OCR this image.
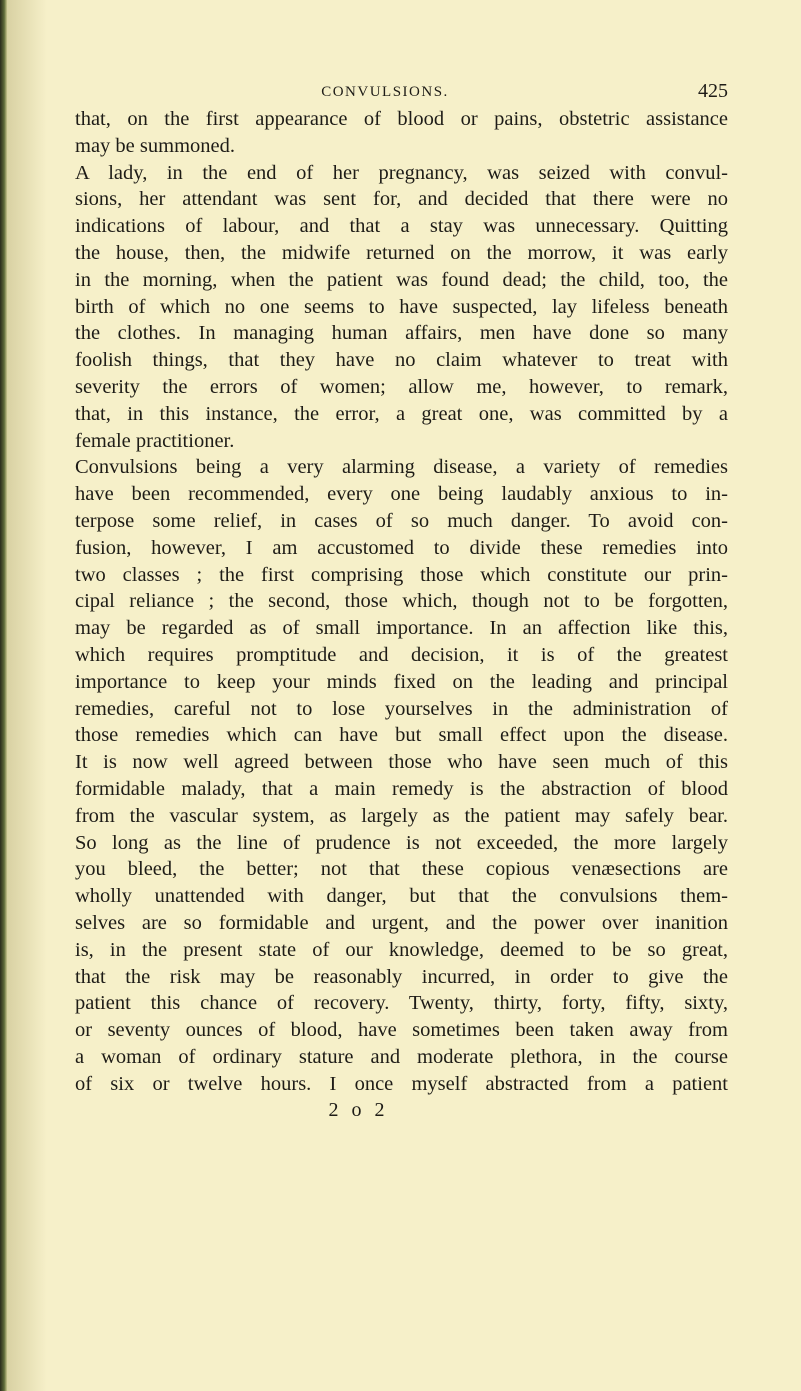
CONVULSIONS.	425
that, on the first appearance of blood or pains, obstetric assistance
may be summoned.
A lady, in the end of her pregnancy, was seized with convul-
sions, her attendant was sent for, and decided that there were no
indications of labour, and that a stay was unnecessary. Quitting
the house, then, the midwife returned on the morrow, it was early
in the morning, when the patient was found dead; the child, too, the
birth of which no one seems to have suspected, lay lifeless beneath
the clothes. In managing human affairs, men have done so many
foolish things, that they have no claim whatever to treat with
severity the errors of women; allow me, however, to remark,
that, in this instance, the error, a great one, was committed by a
female practitioner.
Convulsions being a very alarming disease, a variety of remedies
have been recommended, every one being laudably anxious to in-
terpose some relief, in cases of so much danger. To avoid con-
fusion, however, I am accustomed to divide these remedies into
two classes ; the first comprising those which constitute our prin-
cipal reliance ; the second, those which, though not to be forgotten,
may be regarded as of small importance. In an affection like this,
which requires promptitude and decision, it is of the greatest
importance to keep your minds fixed on the leading and principal
remedies, careful not to lose yourselves in the administration of
those remedies which can have but small effect upon the disease.
It is now well agreed between those who have seen much of this
formidable malady, that a main remedy is the abstraction of blood
from the vascular system, as largely as the patient may safely bear.
So long as the line of prudence is not exceeded, the more largely
you bleed, the better; not that these copious venæsections are
wholly unattended with danger, but that the convulsions them-
selves are so formidable and urgent, and the power over inanition
is, in the present state of our knowledge, deemed to be so great,
that the risk may be reasonably incurred, in order to give the
patient this chance of recovery. Twenty, thirty, forty, fifty, sixty,
or seventy ounces of blood, have sometimes been taken away from
a woman of ordinary stature and moderate plethora, in the course
of six or twelve hours. I once myself abstracted from a patient
2 o 2
